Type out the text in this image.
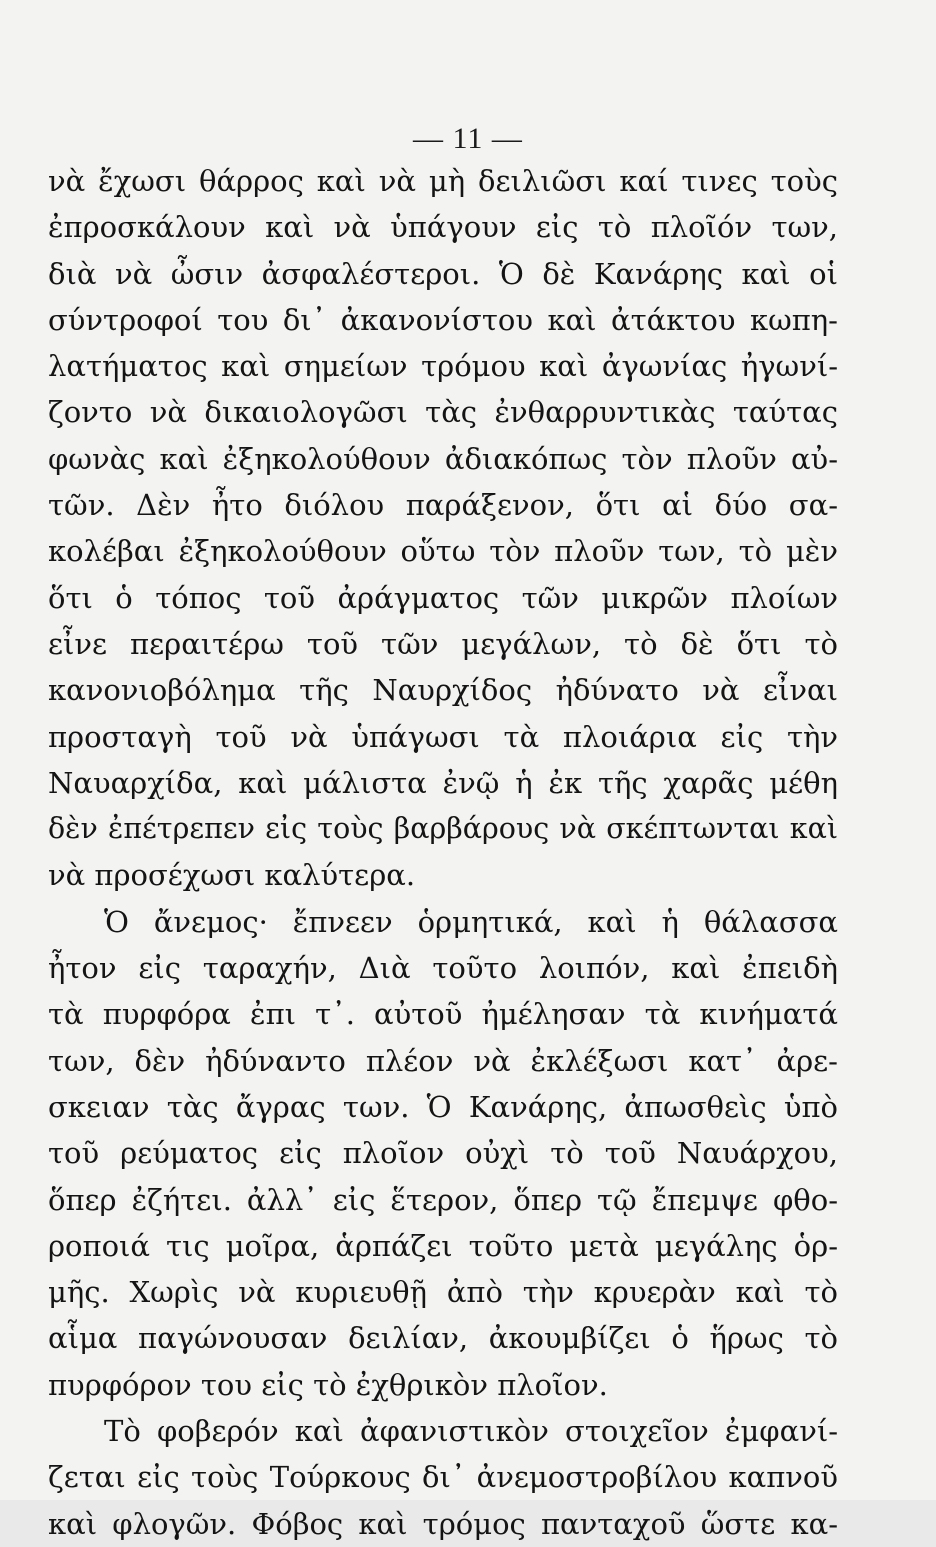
— 11 —
νὰ ἔχωσι θάρρος καὶ νὰ μὴ δειλιῶσι καί τινες τοὺς
ἐπροσκάλουν καὶ νὰ ὑπάγουν εἰς τὸ πλοῖόν των,
διὰ νὰ ὦσιν ἀσφαλέστεροι. Ὁ δὲ Κανάρης καὶ οἱ
σύντροφοί του δι᾽ ἀκανονίστου καὶ ἀτάκτου κωπη-
λατήματος καὶ σημείων τρόμου καὶ ἀγωνίας ἠγωνί-
ζοντο νὰ δικαιολογῶσι τὰς ἐνθαρρυντικὰς ταύτας
φωνὰς καὶ ἐξηκολούθουν ἀδιακόπως τὸν πλοῦν αὐ-
τῶν. Δὲν ἦτο διόλου παράξενον, ὅτι αἱ δύο σα-
κολέβαι ἐξηκολούθουν οὕτω τὸν πλοῦν των, τὸ μὲν
ὅτι ὁ τόπος τοῦ ἀράγματος τῶν μικρῶν πλοίων
εἶνε περαιτέρω τοῦ τῶν μεγάλων, τὸ δὲ ὅτι τὸ
κανονιοβόλημα τῆς Ναυρχίδος ἠδύνατο νὰ εἶναι
προσταγὴ τοῦ νὰ ὑπάγωσι τὰ πλοιάρια εἰς τὴν
Ναυαρχίδα, καὶ μάλιστα ἐνῷ ἡ ἐκ τῆς χαρᾶς μέθη
δὲν ἐπέτρεπεν εἰς τοὺς βαρβάρους νὰ σκέπτωνται καὶ
νὰ προσέχωσι καλύτερα.
Ὁ ἄνεμος· ἔπνεεν ὁρμητικά, καὶ ἡ θάλασσα
ἦτον εἰς ταραχήν, Διὰ τοῦτο λοιπόν, καὶ ἐπειδὴ
τὰ πυρφόρα ἐπι τ᾽. αὐτοῦ ἠμέλησαν τὰ κινήματά
των, δὲν ἠδύναντο πλέον νὰ ἐκλέξωσι κατ᾽ ἀρε-
σκειαν τὰς ἄγρας των. Ὁ Κανάρης, ἀπωσθεὶς ὑπὸ
τοῦ ρεύματος εἰς πλοῖον οὐχὶ τὸ τοῦ Ναυάρχου,
ὅπερ ἐζήτει. ἀλλ᾽ εἰς ἕτερον, ὅπερ τῷ ἔπεμψε φθο-
ροποιά τις μοῖρα, ἁρπάζει τοῦτο μετὰ μεγάλης ὁρ-
μῆς. Χωρὶς νὰ κυριευθῇ ἀπὸ τὴν κρυερὰν καὶ τὸ
αἷμα παγώνουσαν δειλίαν, ἀκουμβίζει ὁ ἥρως τὸ
πυρφόρον του εἰς τὸ ἐχθρικὸν πλοῖον.
Τὸ φοβερόν καὶ ἀφανιστικὸν στοιχεῖον ἐμφανί-
ζεται εἰς τοὺς Τούρκους δι᾽ ἀνεμοστροβίλου καπνοῦ
καὶ φλογῶν. Φόβος καὶ τρόμος πανταχοῦ ὥστε κα-
